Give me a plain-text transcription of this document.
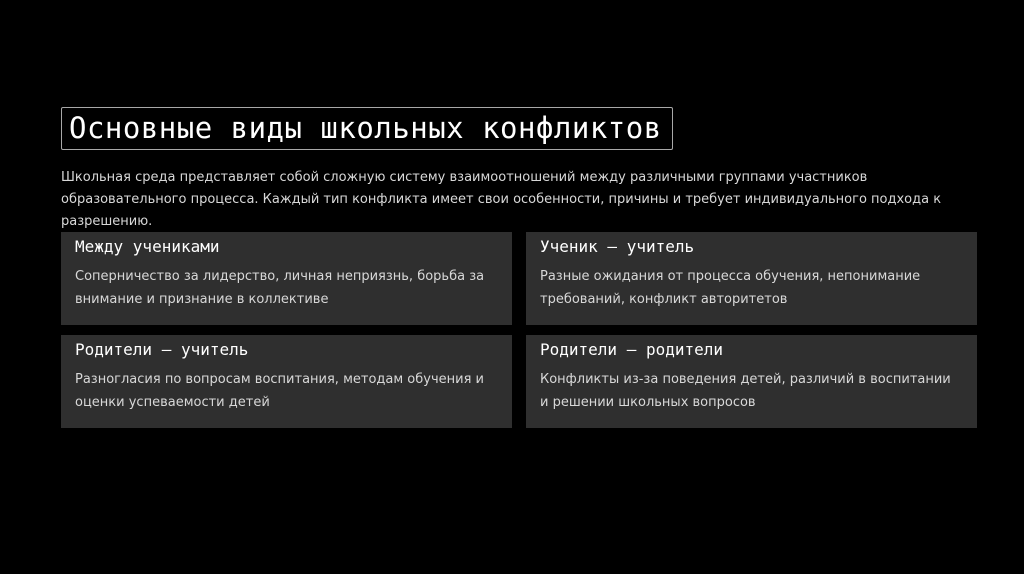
Основные виды школьных конфликтов

Школьная среда представляет собой сложную систему взаимоотношений между различными группами участников образовательного процесса. Каждый тип конфликта имеет свои особенности, причины и требует индивидуального подхода к разрешению.

Между учениками

Соперничество за лидерство, личная неприязнь, борьба за внимание и признание в коллективе

Ученик — учитель

Разные ожидания от процесса обучения, непонимание требований, конфликт авторитетов

Родители — учитель

Разногласия по вопросам воспитания, методам обучения и оценки успеваемости детей

Родители — родители

Конфликты из-за поведения детей, различий в воспитании и решении школьных вопросов
